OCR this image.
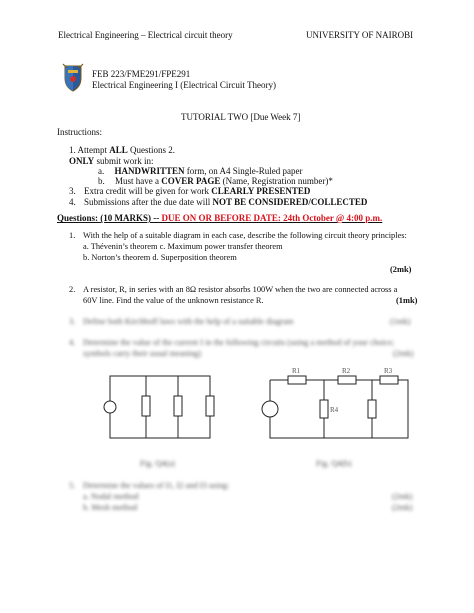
Electrical Engineering – Electrical circuit theory	UNIVERSITY OF NAIROBI
FEB 223/FME291/FPE291
Electrical Engineering I (Electrical Circuit Theory)
TUTORIAL TWO [Due Week 7]
Instructions:
1. Attempt ALL Questions 2.
ONLY submit work in:
a. HANDWRITTEN form, on A4 Single-Ruled paper
b. Must have a COVER PAGE (Name, Registration number)*
3. Extra credit will be given for work CLEARLY PRESENTED
4. Submissions after the due date will NOT BE CONSIDERED/COLLECTED
Questions: (10 MARKS) -- DUE ON OR BEFORE DATE: 24th October @ 4:00 p.m.
1. With the help of a suitable diagram in each case, describe the following circuit theory principles:
a. Thévenin’s theorem c. Maximum power transfer theorem
b. Norton’s theorem d. Superposition theorem
(2mk)
2. A resistor, R, in series with an 8Ω resistor absorbs 100W when the two are connected across a
60V line. Find the value of the unknown resistance R.	(1mk)
3. Define both Kirchhoff laws with the help of a suitable diagram	(1mk)
4. Determine the value of the current I in the following circuits (using a method of your choice;
symbols carry their usual meaning)	(2mk)
R1	R2	R3
R4
Fig. Q4(a)	Fig. Q4(b)
5. Determine the values of I1, I2 and I3 using:
a. Nodal method	(2mk)
b. Mesh method	(2mk)
